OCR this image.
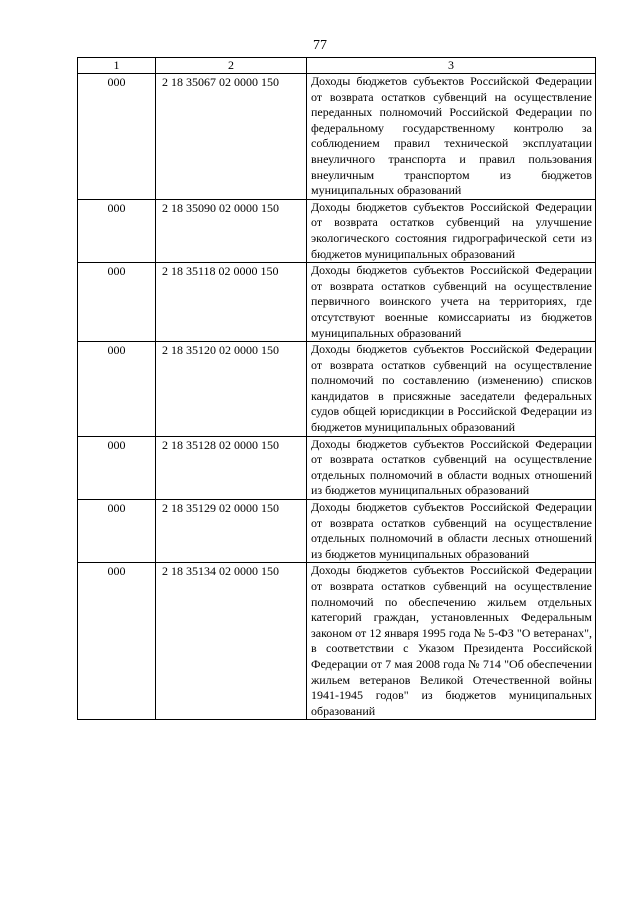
77
1	2	3
000	2 18 35067 02 0000 150	Доходы бюджетов субъектов Российской Федерации от возврата остатков субвенций на осуществление переданных полномочий Российской Федерации по федеральному государственному контролю за соблюдением правил технической эксплуатации внеуличного транспорта и правил пользования внеуличным транспортом из бюджетов муниципальных образований
000	2 18 35090 02 0000 150	Доходы бюджетов субъектов Российской Федерации от возврата остатков субвенций на улучшение экологического состояния гидрографической сети из бюджетов муниципальных образований
000	2 18 35118 02 0000 150	Доходы бюджетов субъектов Российской Федерации от возврата остатков субвенций на осуществление первичного воинского учета на территориях, где отсутствуют военные комиссариаты из бюджетов муниципальных образований
000	2 18 35120 02 0000 150	Доходы бюджетов субъектов Российской Федерации от возврата остатков субвенций на осуществление полномочий по составлению (изменению) списков кандидатов в присяжные заседатели федеральных судов общей юрисдикции в Российской Федерации из бюджетов муниципальных образований
000	2 18 35128 02 0000 150	Доходы бюджетов субъектов Российской Федерации от возврата остатков субвенций на осуществление отдельных полномочий в области водных отношений из бюджетов муниципальных образований
000	2 18 35129 02 0000 150	Доходы бюджетов субъектов Российской Федерации от возврата остатков субвенций на осуществление отдельных полномочий в области лесных отношений из бюджетов муниципальных образований
000	2 18 35134 02 0000 150	Доходы бюджетов субъектов Российской Федерации от возврата остатков субвенций на осуществление полномочий по обеспечению жильем отдельных категорий граждан, установленных Федеральным законом от 12 января 1995 года № 5-ФЗ "О ветеранах", в соответствии с Указом Президента Российской Федерации от 7 мая 2008 года № 714 "Об обеспечении жильем ветеранов Великой Отечественной войны 1941-1945 годов" из бюджетов муниципальных образований
